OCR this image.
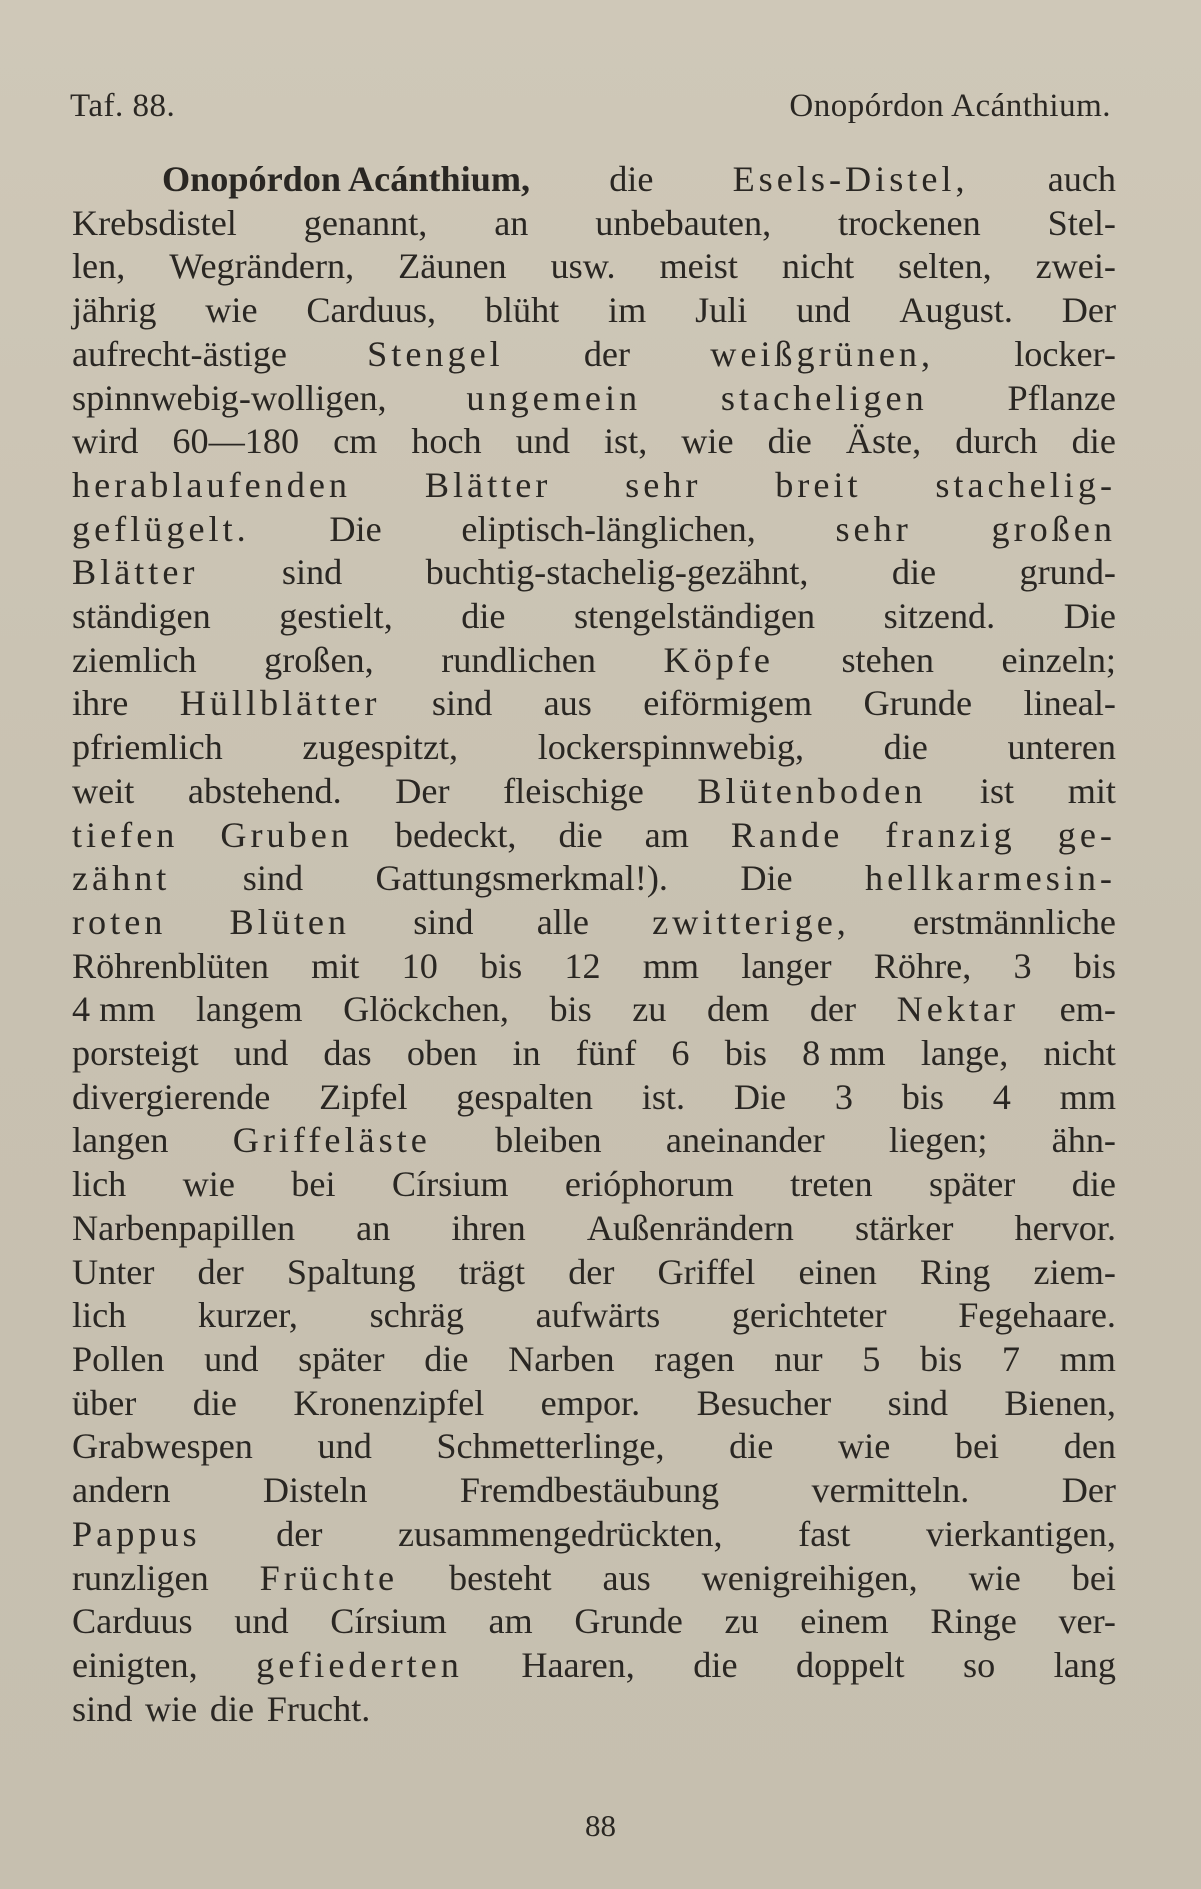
Taf. 88.	Onopórdon Acánthium.
Onopórdon Acánthium, die Esels-Distel, auch
Krebsdistel genannt, an unbebauten, trockenen Stel-
len, Wegrändern, Zäunen usw. meist nicht selten, zwei-
jährig wie Carduus, blüht im Juli und August. Der
aufrecht-ästige Stengel der weißgrünen, locker-
spinnwebig-wolligen, ungemein stacheligen Pflanze
wird 60—180 cm hoch und ist, wie die Äste, durch die
herablaufenden Blätter sehr breit stachelig-
geflügelt. Die eliptisch-länglichen, sehr großen
Blätter sind buchtig-stachelig-gezähnt, die grund-
ständigen gestielt, die stengelständigen sitzend. Die
ziemlich großen, rundlichen Köpfe stehen einzeln;
ihre Hüllblätter sind aus eiförmigem Grunde lineal-
pfriemlich zugespitzt, lockerspinnwebig, die unteren
weit abstehend. Der fleischige Blütenboden ist mit
tiefen Gruben bedeckt, die am Rande franzig ge-
zähnt sind Gattungsmerkmal!). Die hellkarmesin-
roten Blüten sind alle zwitterige, erstmännliche
Röhrenblüten mit 10 bis 12 mm langer Röhre, 3 bis
4 mm langem Glöckchen, bis zu dem der Nektar em-
porsteigt und das oben in fünf 6 bis 8 mm lange, nicht
divergierende Zipfel gespalten ist. Die 3 bis 4 mm
langen Griffeläste bleiben aneinander liegen; ähn-
lich wie bei Círsium erióphorum treten später die
Narbenpapillen an ihren Außenrändern stärker hervor.
Unter der Spaltung trägt der Griffel einen Ring ziem-
lich kurzer, schräg aufwärts gerichteter Fegehaare.
Pollen und später die Narben ragen nur 5 bis 7 mm
über die Kronenzipfel empor. Besucher sind Bienen,
Grabwespen und Schmetterlinge, die wie bei den
andern	Disteln	Fremdbestäubung	vermitteln.	Der
Pappus der zusammengedrückten, fast vierkantigen,
runzligen Früchte besteht aus wenigreihigen, wie bei
Carduus und Círsium am Grunde zu einem Ringe ver-
einigten, gefiederten Haaren, die doppelt so lang
sind wie die Frucht.
88
